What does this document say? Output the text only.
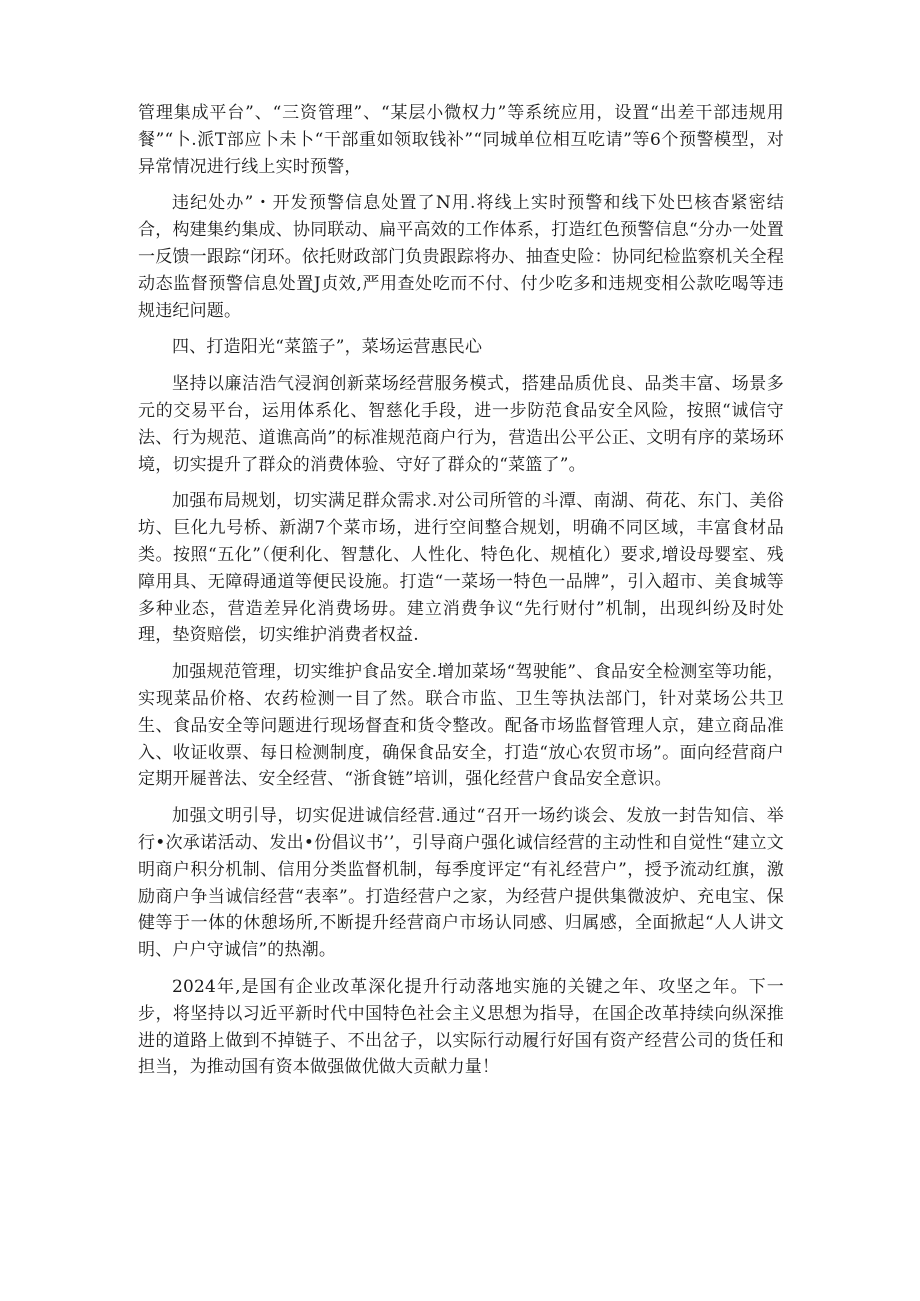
管理集成平台”、“三资管理”、“某层小微权力”等系统应用，设置“出差干部违规用餐”“卜.派T部应卜未卜“干部重如领取钱补”“同城单位相互吃请”等6个预警模型，对异常情况进行线上实时预警，

违纪处办”・开发预警信息处置了N用.将线上实时预警和线下处巴核杳紧密结合，构建集约集成、协同联动、扁平高效的工作体系，打造红色预警信息“分办一处置一反馈一跟踪“闭环。依托财政部门负贵跟踪将办、抽查史险：协同纪检监察机关全程动态监督预警信息处置J贞效,严用查处吃而不付、付少吃多和违规变相公款吃喝等违规违纪问题。

四、打造阳光“菜篮子”，菜场运营惠民心

坚持以廉洁浩气浸润创新菜场经营服务模式，搭建品质优良、品类丰富、场景多元的交易平台，运用体系化、智慈化手段，进一步防范食品安全风险，按照“诚信守法、行为规范、道谯高尚”的标准规范商户行为，营造出公平公正、文明有序的菜场环境，切实提升了群众的消费体验、守好了群众的“菜篮了”。

加强布局规划，切实满足群众需求.对公司所管的斗潭、南湖、荷花、东门、美俗坊、巨化九号桥、新湖7个菜市场，进行空间整合规划，明确不同区域，丰富食材品类。按照“五化”（便利化、智慧化、人性化、特色化、规植化）要求,增设母婴室、残障用具、无障碍通道等便民设施。打造“一菜场一特色一品牌”，引入超市、美食城等多种业态，营造差异化消费场毋。建立消费争议“先行财付”机制，出现纠纷及时处理，垫资赔偿，切实维护消费者权益.

加强规范管理，切实维护食品安全.增加菜场“驾驶能”、食品安全检测室等功能，实现菜品价格、农药检测一目了然。联合市监、卫生等执法部门，针对菜场公共卫生、食品安全等问题进行现场督査和货令整改。配备市场监督管理人京，建立商品准入、收证收票、每日检测制度，确保食品安全，打造“放心农贸市场”。面向经营商户定期开屣普法、安全经营、“浙食链”培训，强化经营户食品安全意识。

加强文明引导，切实促进诚信经营.通过“召开一场约谈会、发放一封告知信、举行•次承诺活动、发出•份倡议书’’，引导商户强化诚信经营的主动性和自觉性“建立文明商户积分机制、信用分类监督机制，每季度评定“有礼经营户”，授予流动红旗，激励商户争当诚信经营“表率”。打造经营户之家，为经营户提供集微波炉、充电宝、保健等于一体的休憩场所,不断提升经营商户市场认同感、归属感，全面掀起“人人讲文明、户户守诚信”的热潮。

2024年,是国有企业改革深化提升行动落地实施的关键之年、攻坚之年。下一步，将坚持以习近平新时代中国特色社会主义思想为指导，在国企改革持续向纵深推进的道路上做到不掉链子、不出岔子，以实际行动履行好国有资产经营公司的货任和担当，为推动国有资本做强做优做大贡献力量！
